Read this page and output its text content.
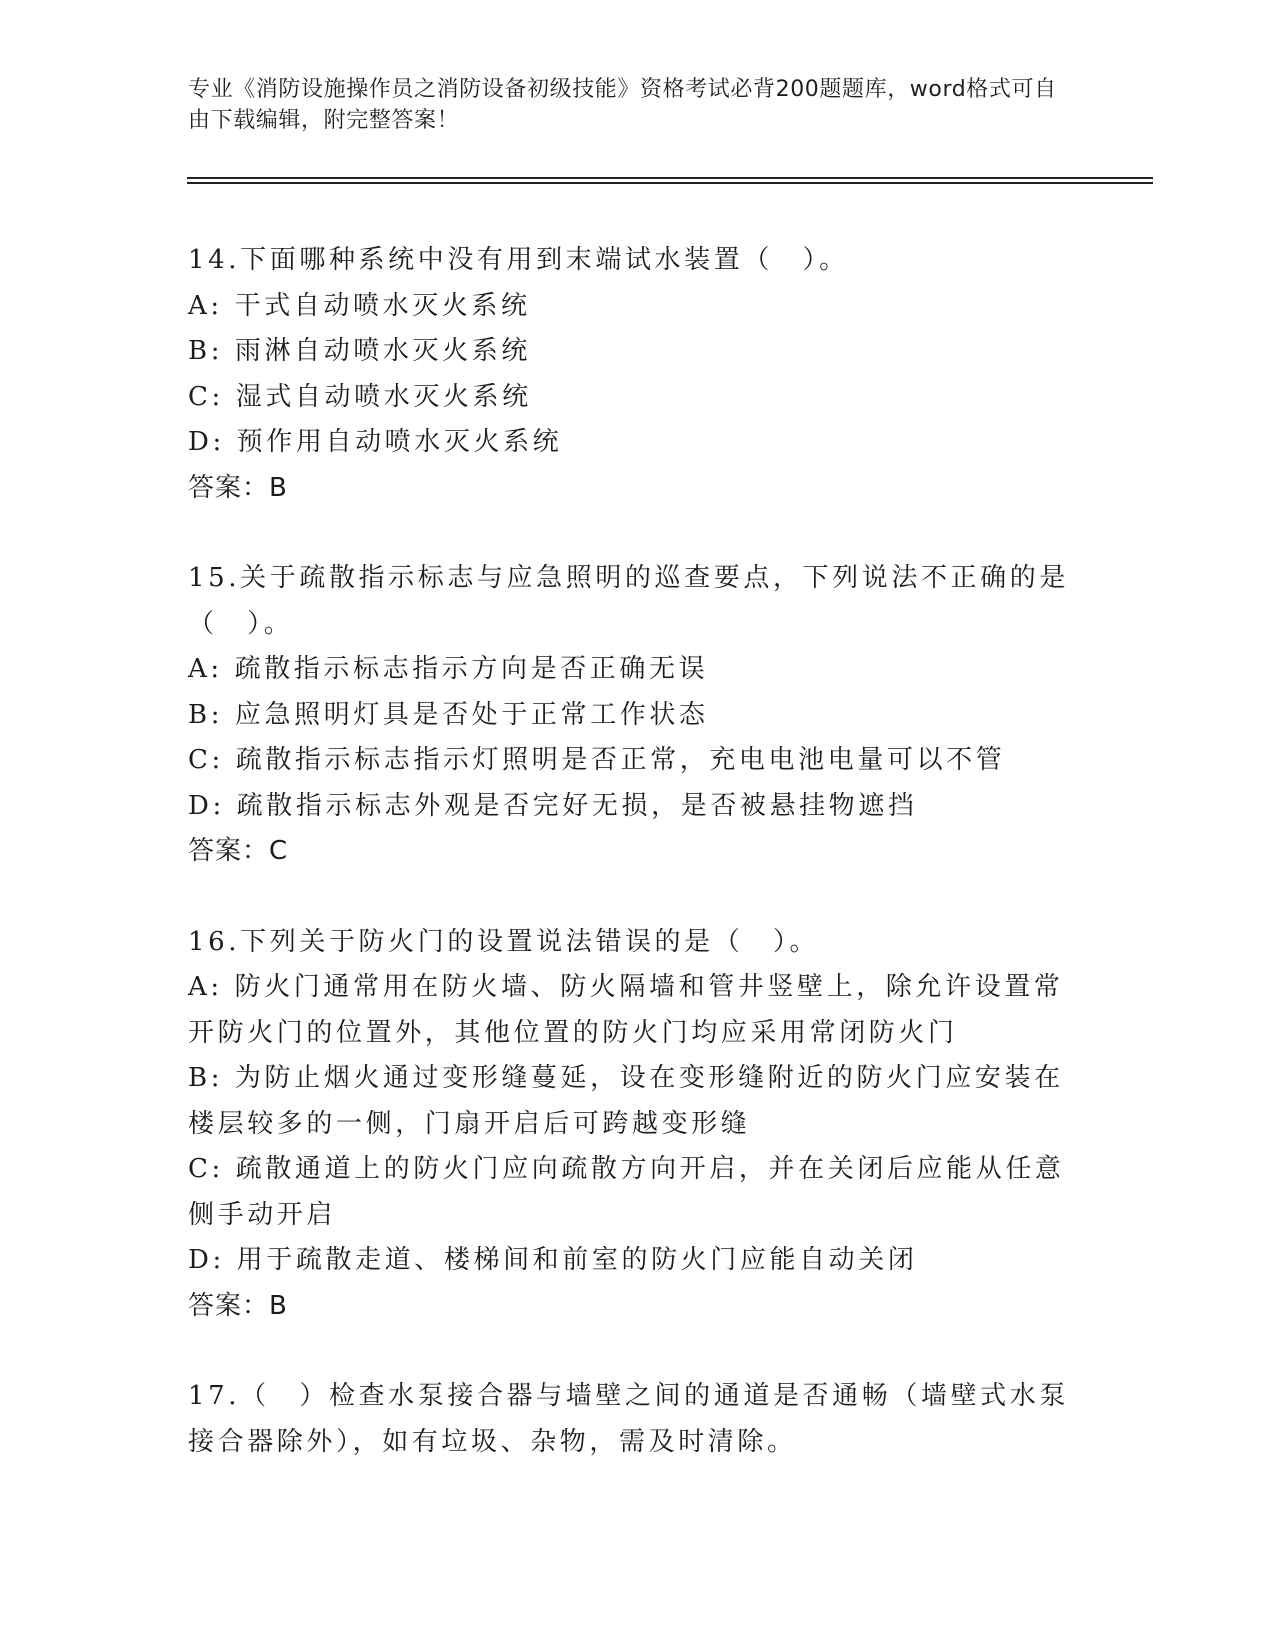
专业《消防设施操作员之消防设备初级技能》资格考试必背200题题库，word格式可自由下载编辑，附完整答案！
14.下面哪种系统中没有用到末端试水装置（　）。
A: 干式自动喷水灭火系统
B: 雨淋自动喷水灭火系统
C: 湿式自动喷水灭火系统
D: 预作用自动喷水灭火系统
答案：B
15.关于疏散指示标志与应急照明的巡查要点，下列说法不正确的是（　）。
A: 疏散指示标志指示方向是否正确无误
B: 应急照明灯具是否处于正常工作状态
C: 疏散指示标志指示灯照明是否正常，充电电池电量可以不管
D: 疏散指示标志外观是否完好无损，是否被悬挂物遮挡
答案：C
16.下列关于防火门的设置说法错误的是（　）。
A: 防火门通常用在防火墙、防火隔墙和管井竖壁上，除允许设置常开防火门的位置外，其他位置的防火门均应采用常闭防火门
B: 为防止烟火通过变形缝蔓延，设在变形缝附近的防火门应安装在楼层较多的一侧，门扇开启后可跨越变形缝
C: 疏散通道上的防火门应向疏散方向开启，并在关闭后应能从任意侧手动开启
D: 用于疏散走道、楼梯间和前室的防火门应能自动关闭
答案：B
17.（　）检查水泵接合器与墙壁之间的通道是否通畅（墙壁式水泵接合器除外），如有垃圾、杂物，需及时清除。
